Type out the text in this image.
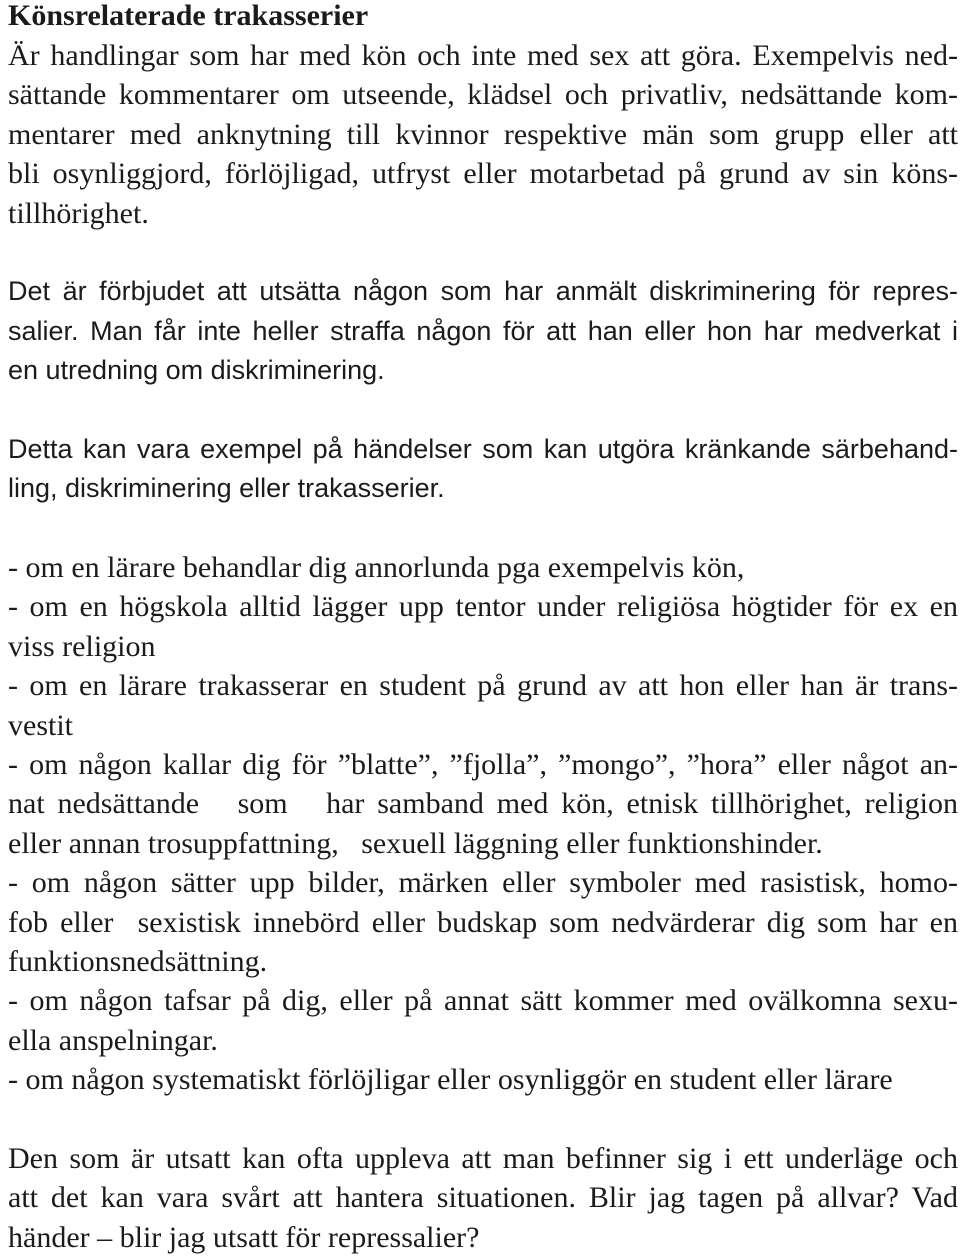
Könsrelaterade trakasserier
Är handlingar som har med kön och inte med sex att göra. Exempelvis ned-
sättande kommentarer om utseende, klädsel och privatliv, nedsättande kom-
mentarer med anknytning till kvinnor respektive män som grupp eller att
bli osynliggjord, förlöjligad, utfryst eller motarbetad på grund av sin köns-
tillhörighet.
Det är förbjudet att utsätta någon som har anmält diskriminering för repres-
salier. Man får inte heller straffa någon för att han eller hon har medverkat i
en utredning om diskriminering.
Detta kan vara exempel på händelser som kan utgöra kränkande särbehand-
ling, diskriminering eller trakasserier.
- om en lärare behandlar dig annorlunda pga exempelvis kön,
- om en högskola alltid lägger upp tentor under religiösa högtider för ex en
viss religion
- om en lärare trakasserar en student på grund av att hon eller han är trans-
vestit
- om någon kallar dig för ”blatte”, ”fjolla”, ”mongo”, ”hora” eller något an-
nat nedsättande   som   har samband med kön, etnisk tillhörighet, religion
eller annan trosuppfattning,   sexuell läggning eller funktionshinder.
- om någon sätter upp bilder, märken eller symboler med rasistisk, homo-
fob eller  sexistisk innebörd eller budskap som nedvärderar dig som har en
funktionsnedsättning.
- om någon tafsar på dig, eller på annat sätt kommer med ovälkomna sexu-
ella anspelningar.
- om någon systematiskt förlöjligar eller osynliggör en student eller lärare
Den som är utsatt kan ofta uppleva att man befinner sig i ett underläge och
att det kan vara svårt att hantera situationen. Blir jag tagen på allvar? Vad
händer – blir jag utsatt för repressalier?
